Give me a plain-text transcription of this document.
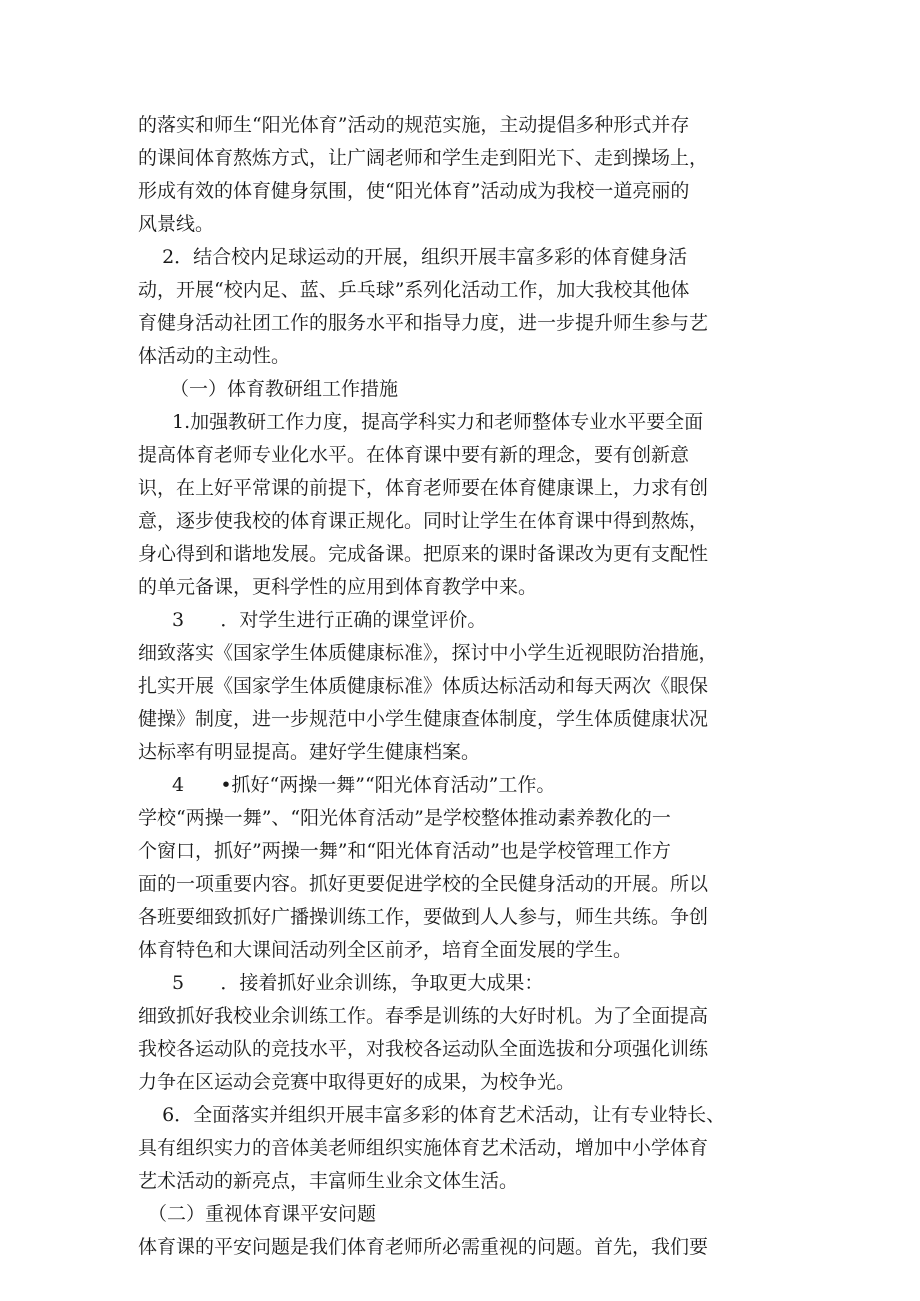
的落实和师生“阳光体育”活动的规范实施，主动提倡多种形式并存
的课间体育熬炼方式，让广阔老师和学生走到阳光下、走到操场上，
形成有效的体育健身氛围，使“阳光体育”活动成为我校一道亮丽的
风景线。
2．结合校内足球运动的开展，组织开展丰富多彩的体育健身活
动，开展“校内足、蓝、乒乓球”系列化活动工作，加大我校其他体
育健身活动社团工作的服务水平和指导力度，进一步提升师生参与艺
体活动的主动性。
（一）体育教研组工作措施
1.加强教研工作力度，提高学科实力和老师整体专业水平要全面
提高体育老师专业化水平。在体育课中要有新的理念，要有创新意
识，在上好平常课的前提下，体育老师要在体育健康课上，力求有创
意，逐步使我校的体育课正规化。同时让学生在体育课中得到熬炼，
身心得到和谐地发展。完成备课。把原来的课时备课改为更有支配性
的单元备课，更科学性的应用到体育教学中来。
3      ．对学生进行正确的课堂评价。
细致落实《国家学生体质健康标准》，探讨中小学生近视眼防治措施，
扎实开展《国家学生体质健康标准》体质达标活动和每天两次《眼保
健操》制度，进一步规范中小学生健康查体制度，学生体质健康状况
达标率有明显提高。建好学生健康档案。
4      •抓好“两操一舞”“阳光体育活动”工作。
学校“两操一舞”、“阳光体育活动”是学校整体推动素养教化的一
个窗口，抓好”两操一舞”和“阳光体育活动”也是学校管理工作方
面的一项重要内容。抓好更要促进学校的全民健身活动的开展。所以
各班要细致抓好广播操训练工作，要做到人人参与，师生共练。争创
体育特色和大课间活动列全区前矛，培育全面发展的学生。
5      ．接着抓好业余训练，争取更大成果：
细致抓好我校业余训练工作。春季是训练的大好时机。为了全面提高
我校各运动队的竞技水平，对我校各运动队全面选拔和分项强化训练
力争在区运动会竞赛中取得更好的成果，为校争光。
6．全面落实并组织开展丰富多彩的体育艺术活动，让有专业特长、
具有组织实力的音体美老师组织实施体育艺术活动，增加中小学体育
艺术活动的新亮点，丰富师生业余文体生活。
（二）重视体育课平安问题
体育课的平安问题是我们体育老师所必需重视的问题。首先，我们要
